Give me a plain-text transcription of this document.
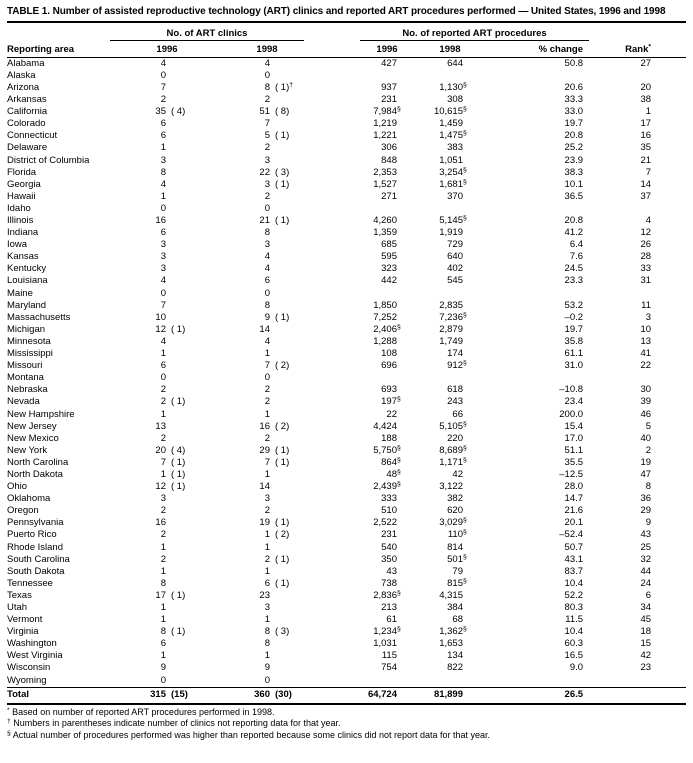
TABLE 1. Number of assisted reproductive technology (ART) clinics and reported ART procedures performed — United States, 1996 and 1998
	No. of ART clinics				No. of reported ART procedures				

Reporting area	1996		1998		1996	1998	% change	Rank*	
Alabama	4		4		427	644	50.8	27	
Alaska	0		0						
Arizona	7		8	( 1)†	937	1,130§	20.6	20	
Arkansas	2		2		231	308	33.3	38	
California	35	( 4)	51	( 8)	7,984§	10,615§	33.0	1	
Colorado	6		7		1,219	1,459	19.7	17	
Connecticut	6		5	( 1)	1,221	1,475§	20.8	16	
Delaware	1		2		306	383	25.2	35	
District of Columbia	3		3		848	1,051	23.9	21	
Florida	8		22	( 3)	2,353	3,254§	38.3	7	
Georgia	4		3	( 1)	1,527	1,681§	10.1	14	
Hawaii	1		2		271	370	36.5	37	
Idaho	0		0						
Illinois	16		21	( 1)	4,260	5,145§	20.8	4	
Indiana	6		8		1,359	1,919	41.2	12	
Iowa	3		3		685	729	6.4	26	
Kansas	3		4		595	640	7.6	28	
Kentucky	3		4		323	402	24.5	33	
Louisiana	4		6		442	545	23.3	31	
Maine	0		0						
Maryland	7		8		1,850	2,835	53.2	11	
Massachusetts	10		9	( 1)	7,252	7,236§	–0.2	3	
Michigan	12	( 1)	14		2,406§	2,879	19.7	10	
Minnesota	4		4		1,288	1,749	35.8	13	
Mississippi	1		1		108	174	61.1	41	
Missouri	6		7	( 2)	696	912§	31.0	22	
Montana	0		0						
Nebraska	2		2		693	618	–10.8	30	
Nevada	2	( 1)	2		197§	243	23.4	39	
New Hampshire	1		1		22	66	200.0	46	
New Jersey	13		16	( 2)	4,424	5,105§	15.4	5	
New Mexico	2		2		188	220	17.0	40	
New York	20	( 4)	29	( 1)	5,750§	8,689§	51.1	2	
North Carolina	7	( 1)	7	( 1)	864§	1,171§	35.5	19	
North Dakota	1	( 1)	1		48§	42	–12.5	47	
Ohio	12	( 1)	14		2,439§	3,122	28.0	8	
Oklahoma	3		3		333	382	14.7	36	
Oregon	2		2		510	620	21.6	29	
Pennsylvania	16		19	( 1)	2,522	3,029§	20.1	9	
Puerto Rico	2		1	( 2)	231	110§	–52.4	43	
Rhode Island	1		1		540	814	50.7	25	
South Carolina	2		2	( 1)	350	501§	43.1	32	
South Dakota	1		1		43	79	83.7	44	
Tennessee	8		6	( 1)	738	815§	10.4	24	
Texas	17	( 1)	23		2,836§	4,315	52.2	6	
Utah	1		3		213	384	80.3	34	
Vermont	1		1		61	68	11.5	45	
Virginia	8	( 1)	8	( 3)	1,234§	1,362§	10.4	18	
Washington	6		8		1,031	1,653	60.3	15	
West Virginia	1		1		115	134	16.5	42	
Wisconsin	9		9		754	822	9.0	23	
Wyoming	0		0						
Total	315	(15)	360	(30)	64,724	81,899	26.5		
* Based on number of reported ART procedures performed in 1998.
† Numbers in parentheses indicate number of clinics not reporting data for that year.
§ Actual number of procedures performed was higher than reported because some clinics did not report data for that year.
